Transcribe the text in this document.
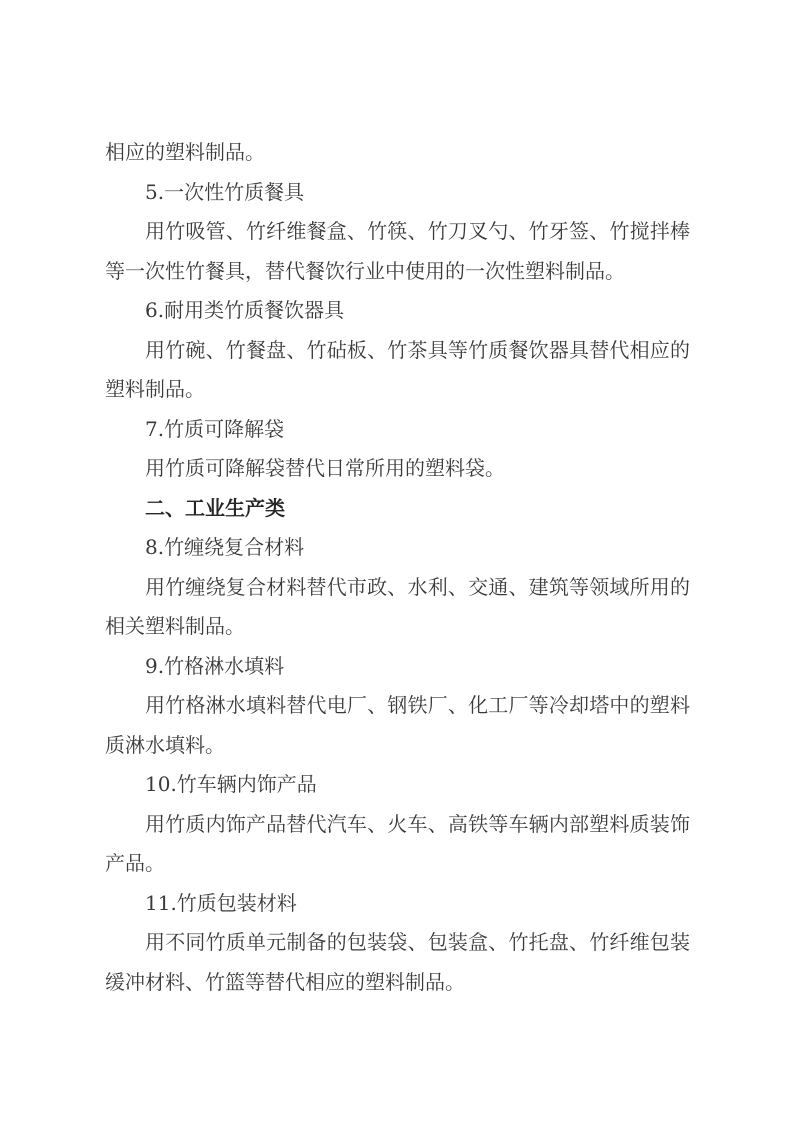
相应的塑料制品。

5.一次性竹质餐具

用竹吸管、竹纤维餐盒、竹筷、竹刀叉勺、竹牙签、竹搅拌棒等一次性竹餐具，替代餐饮行业中使用的一次性塑料制品。

6.耐用类竹质餐饮器具

用竹碗、竹餐盘、竹砧板、竹茶具等竹质餐饮器具替代相应的塑料制品。

7.竹质可降解袋

用竹质可降解袋替代日常所用的塑料袋。

二、工业生产类

8.竹缠绕复合材料

用竹缠绕复合材料替代市政、水利、交通、建筑等领域所用的相关塑料制品。

9.竹格淋水填料

用竹格淋水填料替代电厂、钢铁厂、化工厂等冷却塔中的塑料质淋水填料。

10.竹车辆内饰产品

用竹质内饰产品替代汽车、火车、高铁等车辆内部塑料质装饰产品。

11.竹质包装材料

用不同竹质单元制备的包装袋、包装盒、竹托盘、竹纤维包装缓冲材料、竹篮等替代相应的塑料制品。
